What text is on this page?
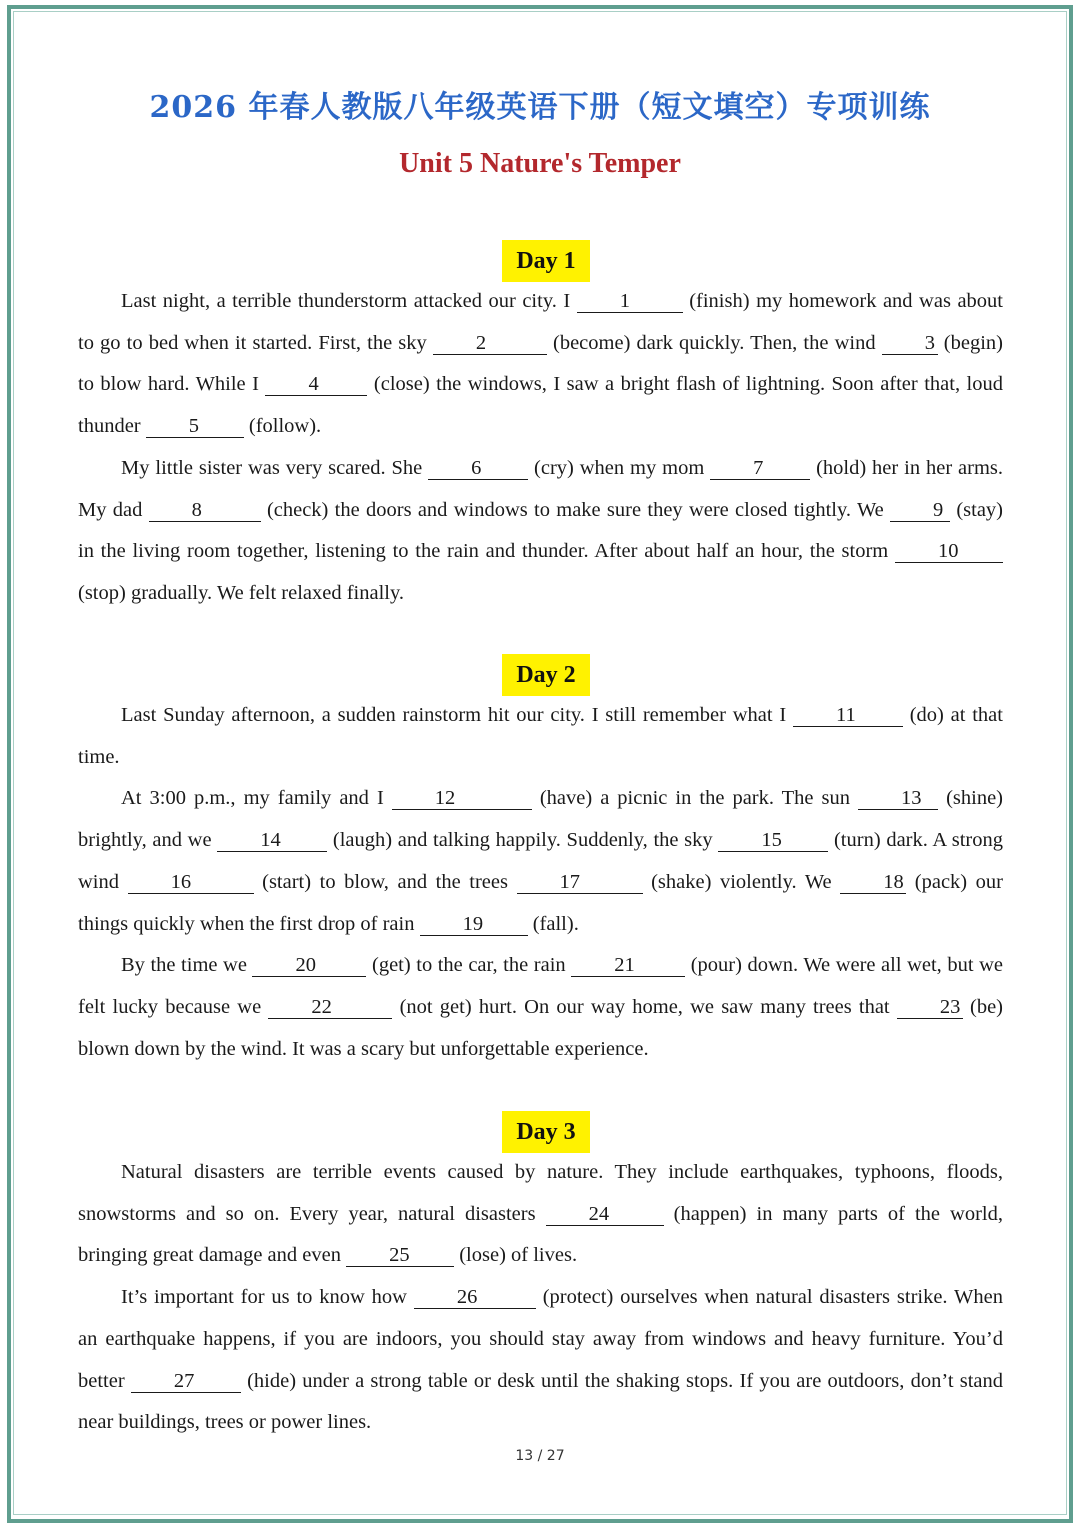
2026 年春人教版八年级英语下册（短文填空）专项训练
Unit 5 Nature's Temper
Day 1

Last night, a terrible thunderstorm attacked our city. I 1	(finish) my homework and was about to go to bed when it started. First, the sky 2	(become) dark quickly. Then, the wind 3 (begin) to blow hard. While I 4 (close) the windows, I saw a bright flash of lightning. Soon after that, loud thunder 5 (follow).

My little sister was very scared. She 6 (cry) when my mom 7 (hold) her in her arms. My dad 8	(check) the doors and windows to make sure they were closed tightly. We 9 (stay) in the living room together, listening to the rain and thunder. After about half an hour, the storm 10 (stop) gradually. We felt relaxed finally.

Day 2

Last Sunday afternoon, a sudden rainstorm hit our city. I still remember what I 11 (do) at that time.

At 3:00 p.m., my family and I 12	(have) a picnic in the park. The sun 13 (shine) brightly, and we 14 (laugh) and talking happily. Suddenly, the sky 15 (turn) dark. A strong wind 16	(start) to blow, and the trees 17	(shake) violently. We 18 (pack) our things quickly when the first drop of rain 19 (fall).

By the time we 20 (get) to the car, the rain 21 (pour) down. We were all wet, but we felt lucky because we 22	(not get) hurt. On our way home, we saw many trees that 23 (be) blown down by the wind. It was a scary but unforgettable experience.

Day 3

Natural disasters are terrible events caused by nature. They include earthquakes, typhoons, floods, snowstorms and so on. Every year, natural disasters 24	(happen) in many parts of the world, bringing great damage and even 25 (lose) of lives.

It’s important for us to know how 26	(protect) ourselves when natural disasters strike. When an earthquake happens, if you are indoors, you should stay away from windows and heavy furniture. You’d better 27 (hide) under a strong table or desk until the shaking stops. If you are outdoors, don’t stand near buildings, trees or power lines.

13 / 27
